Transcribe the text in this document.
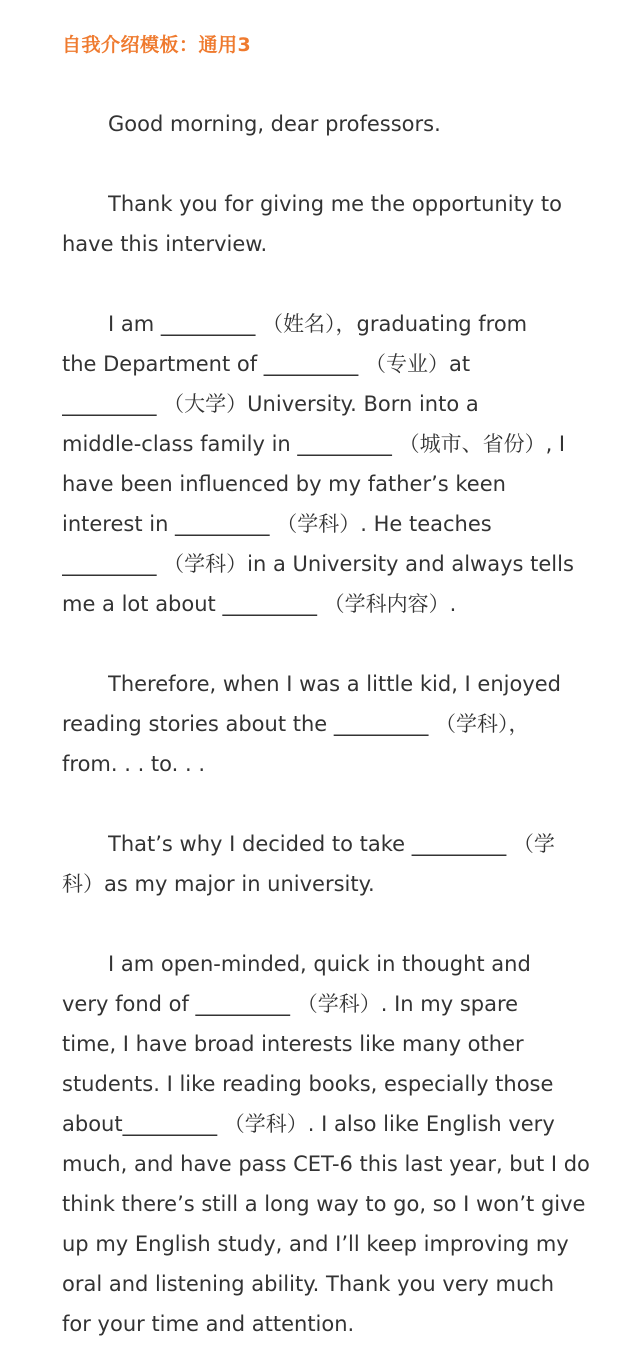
自我介绍模板：通用3
Good morning, dear professors.
Thank you for giving me the opportunity to
have this interview.
I am _________ （姓名），graduating from
the Department of _________ （专业）at
_________ （大学）University. Born into a
middle-class family in _________ （城市、省份）, I
have been influenced by my father’s keen
interest in _________ （学科）. He teaches
_________ （学科）in a University and always tells
me a lot about _________ （学科内容）.
Therefore, when I was a little kid, I enjoyed
reading stories about the _________ （学科），
from. . . to. . .
That’s why I decided to take _________ （学
科）as my major in university.
I am open-minded, quick in thought and
very fond of _________ （学科）. In my spare
time, I have broad interests like many other
students. I like reading books, especially those
about_________ （学科）. I also like English very
much, and have pass CET-6 this last year, but I do
think there’s still a long way to go, so I won’t give
up my English study, and I’ll keep improving my
oral and listening ability. Thank you very much
for your time and attention.
